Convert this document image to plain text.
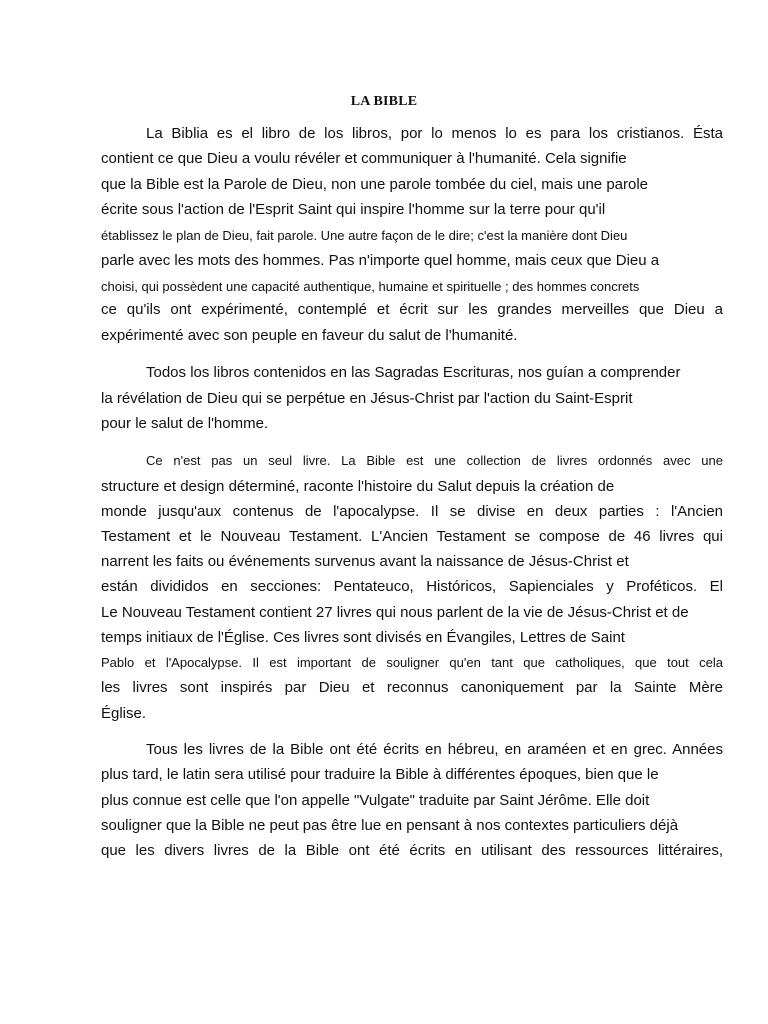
LA BIBLE
La Biblia es el libro de los libros, por lo menos lo es para los cristianos. Ésta
contient ce que Dieu a voulu révéler et communiquer à l'humanité. Cela signifie
que la Bible est la Parole de Dieu, non une parole tombée du ciel, mais une parole
écrite sous l'action de l'Esprit Saint qui inspire l'homme sur la terre pour qu'il
établissez le plan de Dieu, fait parole. Une autre façon de le dire; c'est la manière dont Dieu
parle avec les mots des hommes. Pas n'importe quel homme, mais ceux que Dieu a
choisi, qui possèdent une capacité authentique, humaine et spirituelle ; des hommes concrets
ce qu'ils ont expérimenté, contemplé et écrit sur les grandes merveilles que Dieu a
expérimenté avec son peuple en faveur du salut de l'humanité.
Todos los libros contenidos en las Sagradas Escrituras, nos guían a comprender
la révélation de Dieu qui se perpétue en Jésus-Christ par l'action du Saint-Esprit
pour le salut de l'homme.
Ce n'est pas un seul livre. La Bible est une collection de livres ordonnés avec une
structure et design déterminé, raconte l'histoire du Salut depuis la création de
monde jusqu'aux contenus de l'apocalypse. Il se divise en deux parties : l'Ancien
Testament et le Nouveau Testament. L'Ancien Testament se compose de 46 livres qui
narrent les faits ou événements survenus avant la naissance de Jésus-Christ et
están divididos en secciones: Pentateuco, Históricos, Sapienciales y Proféticos. El
Le Nouveau Testament contient 27 livres qui nous parlent de la vie de Jésus-Christ et de
temps initiaux de l'Église. Ces livres sont divisés en Évangiles, Lettres de Saint
Pablo et l'Apocalypse. Il est important de souligner qu'en tant que catholiques, que tout cela
les livres sont inspirés par Dieu et reconnus canoniquement par la Sainte Mère
Église.
Tous les livres de la Bible ont été écrits en hébreu, en araméen et en grec. Années
plus tard, le latin sera utilisé pour traduire la Bible à différentes époques, bien que le
plus connue est celle que l'on appelle "Vulgate" traduite par Saint Jérôme. Elle doit
souligner que la Bible ne peut pas être lue en pensant à nos contextes particuliers déjà
que les divers livres de la Bible ont été écrits en utilisant des ressources littéraires,
